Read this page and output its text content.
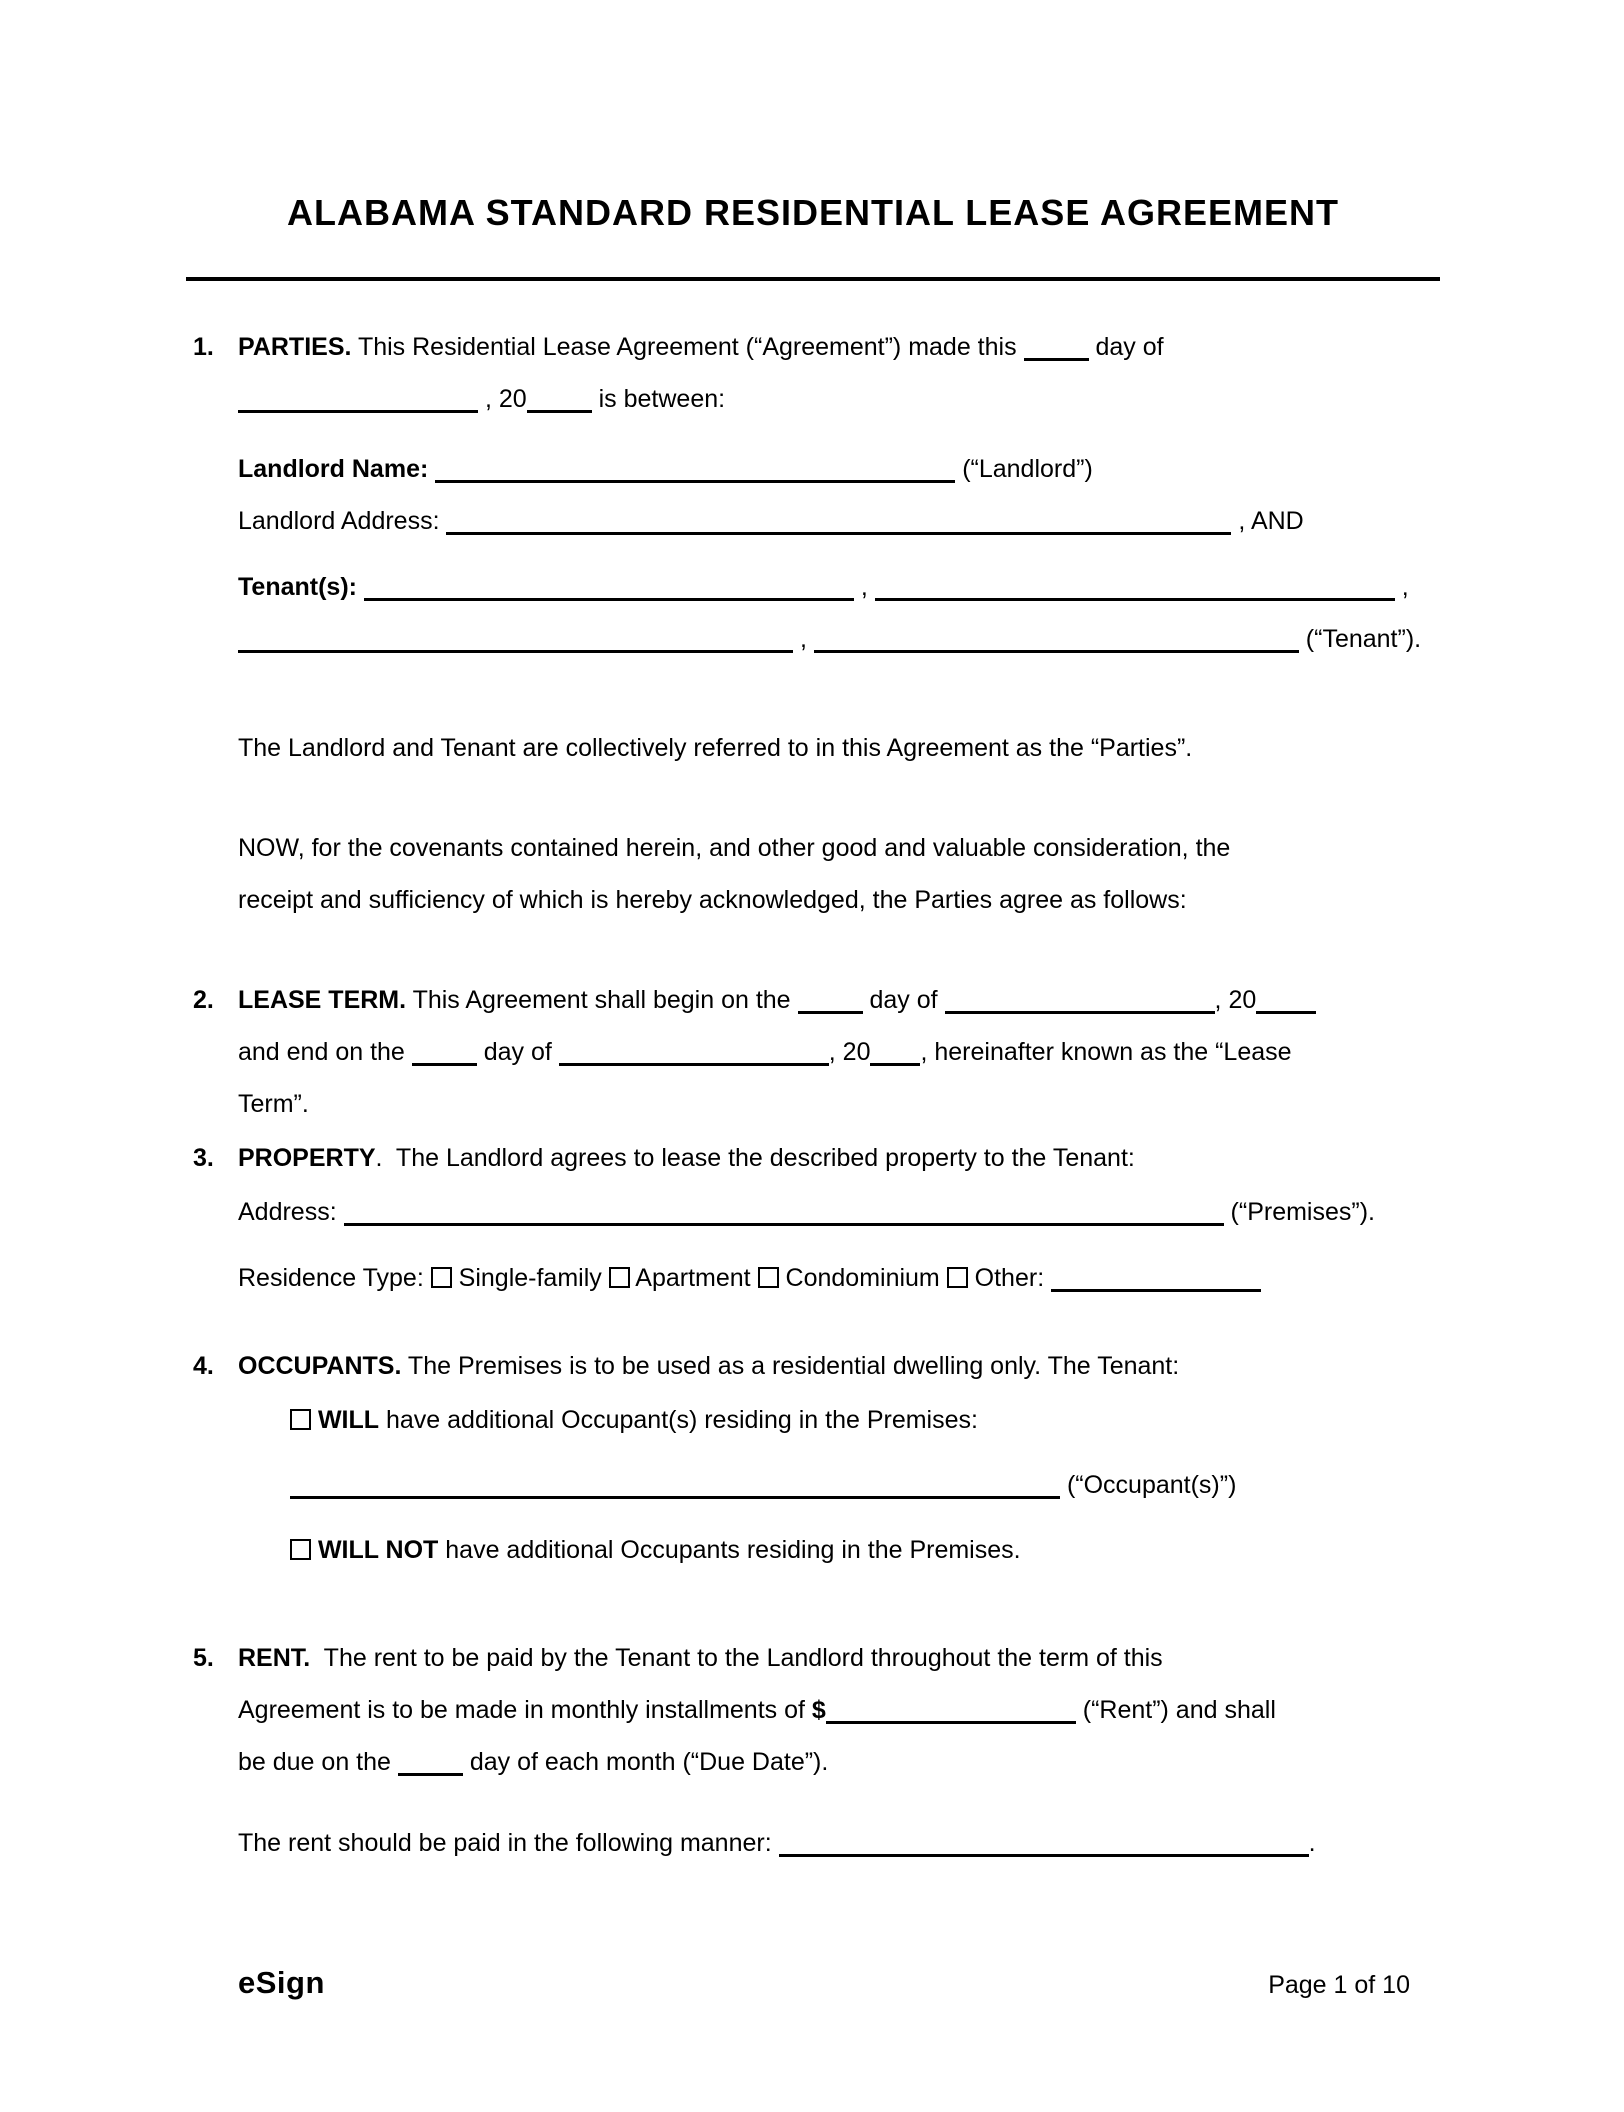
ALABAMA STANDARD RESIDENTIAL LEASE AGREEMENT
1. PARTIES. This Residential Lease Agreement (“Agreement”) made this	day of
, 20	is between:
Landlord Name:	(“Landlord”)
Landlord Address:	, AND
Tenant(s):	,	,
,	(“Tenant”).
The Landlord and Tenant are collectively referred to in this Agreement as the “Parties”.
NOW, for the covenants contained herein, and other good and valuable consideration, the
receipt and sufficiency of which is hereby acknowledged, the Parties agree as follows:
2. LEASE TERM. This Agreement shall begin on the	day of	, 20
and end on the	day of	, 20 , hereinafter known as the “Lease
Term”.
3. PROPERTY.  The Landlord agrees to lease the described property to the Tenant:
Address:	(“Premises”).
Residence Type:  Single-family  Apartment  Condominium  Other:
4. OCCUPANTS. The Premises is to be used as a residential dwelling only. The Tenant:
WILL have additional Occupant(s) residing in the Premises:
(“Occupant(s)”)
WILL NOT have additional Occupants residing in the Premises.
5. RENT.  The rent to be paid by the Tenant to the Landlord throughout the term of this
Agreement is to be made in monthly installments of $	(“Rent”) and shall
be due on the	day of each month (“Due Date”).
The rent should be paid in the following manner:	.
eSign	Page 1 of 10
